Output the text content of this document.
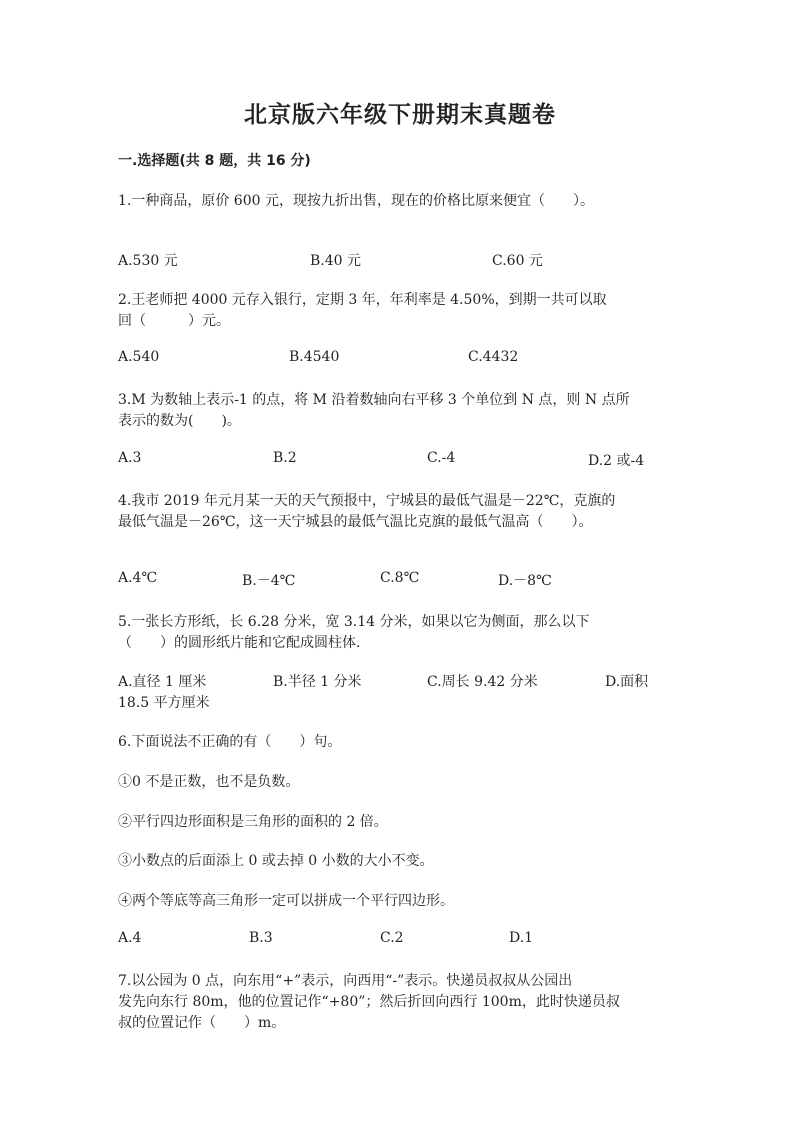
北京版六年级下册期末真题卷
一.选择题(共 8 题，共 16 分)
1.一种商品，原价 600 元，现按九折出售，现在的价格比原来便宜（　　）。
A.530 元	B.40 元	C.60 元
2.王老师把 4000 元存入银行，定期 3 年，年利率是 4.50%，到期一共可以取
回（　　　）元。
A.540	B.4540	C.4432
3.M 为数轴上表示-1 的点，将 M 沿着数轴向右平移 3 个单位到 N 点，则 N 点所
表示的数为(　　)。
A.3	B.2	C.-4	D.2 或-4
4.我市 2019 年元月某一天的天气预报中，宁城县的最低气温是－22℃，克旗的
最低气温是－26℃，这一天宁城县的最低气温比克旗的最低气温高（　　）。
A.4℃	B.－4℃	C.8℃	D.－8℃
5.一张长方形纸，长 6.28 分米，宽 3.14 分米，如果以它为侧面，那么以下
（　　）的圆形纸片能和它配成圆柱体.
A.直径 1 厘米	B.半径 1 分米	C.周长 9.42 分米	D.面积
18.5 平方厘米
6.下面说法不正确的有（　　）句。
①0 不是正数，也不是负数。
②平行四边形面积是三角形的面积的 2 倍。
③小数点的后面添上 0 或去掉 0 小数的大小不变。
④两个等底等高三角形一定可以拼成一个平行四边形。
A.4	B.3	C.2	D.1
7.以公园为 0 点，向东用“+”表示，向西用“-”表示。快递员叔叔从公园出
发先向东行 80m，他的位置记作“+80”；然后折回向西行 100m，此时快递员叔
叔的位置记作（　　）m。
